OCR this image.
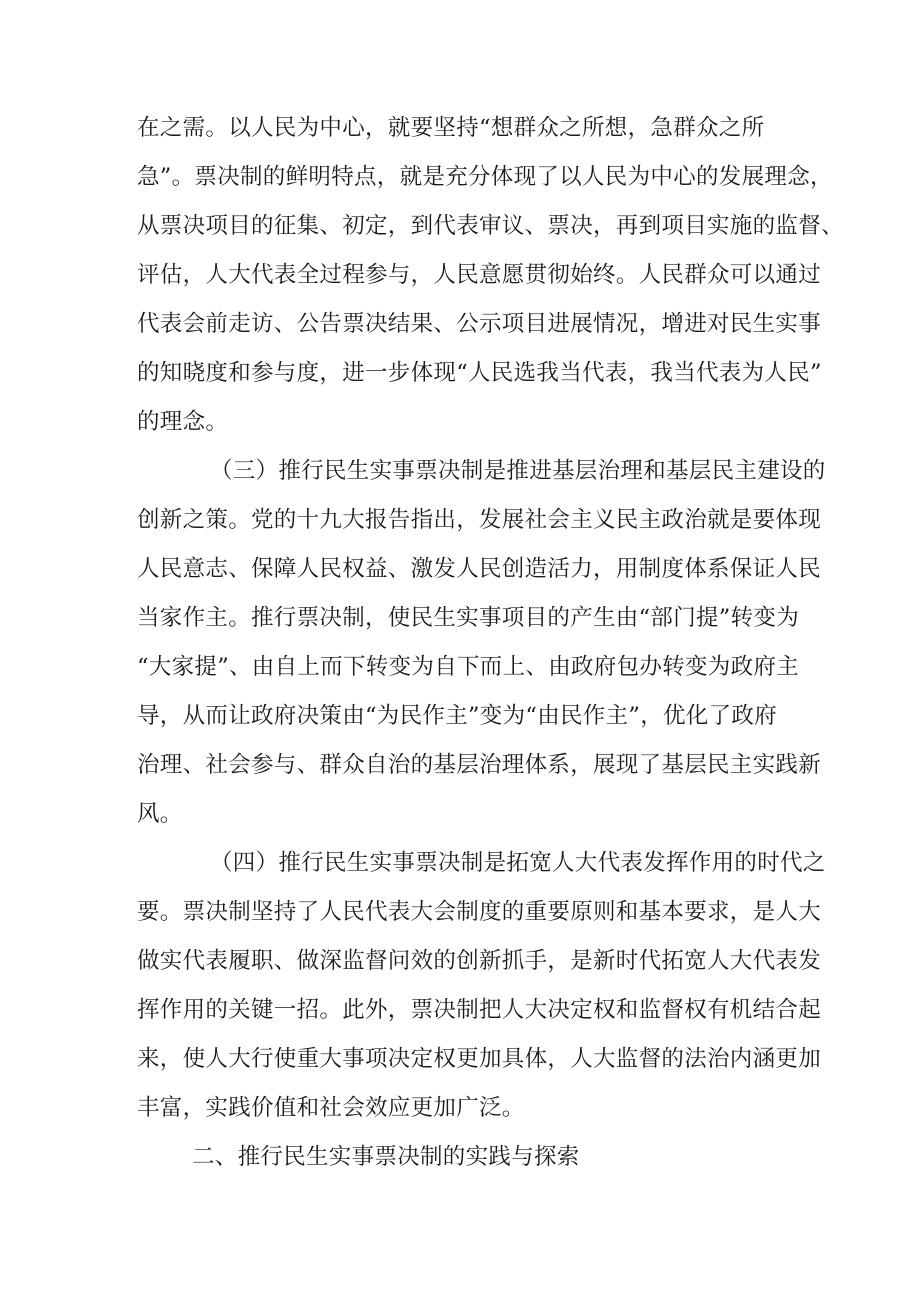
在之需。以人民为中心，就要坚持“想群众之所想，急群众之所
急”。票决制的鲜明特点，就是充分体现了以人民为中心的发展理念，
从票决项目的征集、初定，到代表审议、票决，再到项目实施的监督、
评估，人大代表全过程参与，人民意愿贯彻始终。人民群众可以通过
代表会前走访、公告票决结果、公示项目进展情况，增进对民生实事
的知晓度和参与度，进一步体现“人民选我当代表，我当代表为人民”
的理念。
（三）推行民生实事票决制是推进基层治理和基层民主建设的
创新之策。党的十九大报告指出，发展社会主义民主政治就是要体现
人民意志、保障人民权益、激发人民创造活力，用制度体系保证人民
当家作主。推行票决制，使民生实事项目的产生由“部门提”转变为
“大家提”、由自上而下转变为自下而上、由政府包办转变为政府主
导，从而让政府决策由“为民作主”变为“由民作主”，优化了政府
治理、社会参与、群众自治的基层治理体系，展现了基层民主实践新
风。
（四）推行民生实事票决制是拓宽人大代表发挥作用的时代之
要。票决制坚持了人民代表大会制度的重要原则和基本要求，是人大
做实代表履职、做深监督问效的创新抓手，是新时代拓宽人大代表发
挥作用的关键一招。此外，票决制把人大决定权和监督权有机结合起
来，使人大行使重大事项决定权更加具体，人大监督的法治内涵更加
丰富，实践价值和社会效应更加广泛。
二、推行民生实事票决制的实践与探索
